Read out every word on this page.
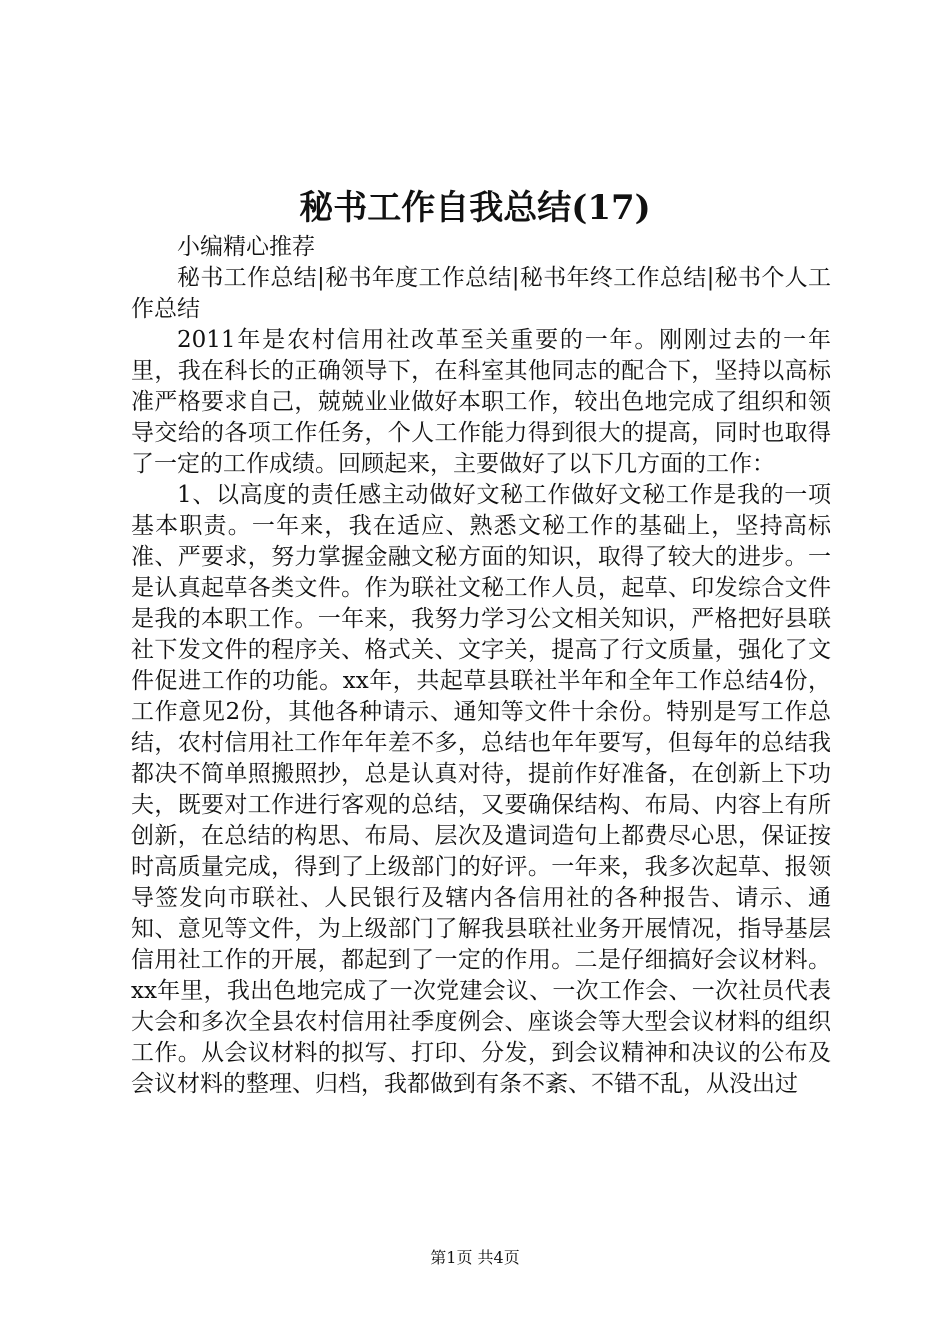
秘书工作自我总结(17)

小编精心推荐

秘书工作总结|秘书年度工作总结|秘书年终工作总结|秘书个人工作总结

2011年是农村信用社改革至关重要的一年。刚刚过去的一年里，我在科长的正确领导下，在科室其他同志的配合下，坚持以高标准严格要求自己，兢兢业业做好本职工作，较出色地完成了组织和领导交给的各项工作任务，个人工作能力得到很大的提高，同时也取得了一定的工作成绩。回顾起来，主要做好了以下几方面的工作：

1、以高度的责任感主动做好文秘工作做好文秘工作是我的一项基本职责。一年来，我在适应、熟悉文秘工作的基础上，坚持高标准、严要求，努力掌握金融文秘方面的知识，取得了较大的进步。一是认真起草各类文件。作为联社文秘工作人员，起草、印发综合文件是我的本职工作。一年来，我努力学习公文相关知识，严格把好县联社下发文件的程序关、格式关、文字关，提高了行文质量，强化了文件促进工作的功能。xx年，共起草县联社半年和全年工作总结4份，工作意见2份，其他各种请示、通知等文件十余份。特别是写工作总结，农村信用社工作年年差不多，总结也年年要写，但每年的总结我都决不简单照搬照抄，总是认真对待，提前作好准备，在创新上下功夫，既要对工作进行客观的总结，又要确保结构、布局、内容上有所创新，在总结的构思、布局、层次及遣词造句上都费尽心思，保证按时高质量完成，得到了上级部门的好评。一年来，我多次起草、报领导签发向市联社、人民银行及辖内各信用社的各种报告、请示、通知、意见等文件，为上级部门了解我县联社业务开展情况，指导基层信用社工作的开展，都起到了一定的作用。二是仔细搞好会议材料。xx年里，我出色地完成了一次党建会议、一次工作会、一次社员代表大会和多次全县农村信用社季度例会、座谈会等大型会议材料的组织工作。从会议材料的拟写、打印、分发，到会议精神和决议的公布及会议材料的整理、归档，我都做到有条不紊、不错不乱，从没出过

第1页 共4页
